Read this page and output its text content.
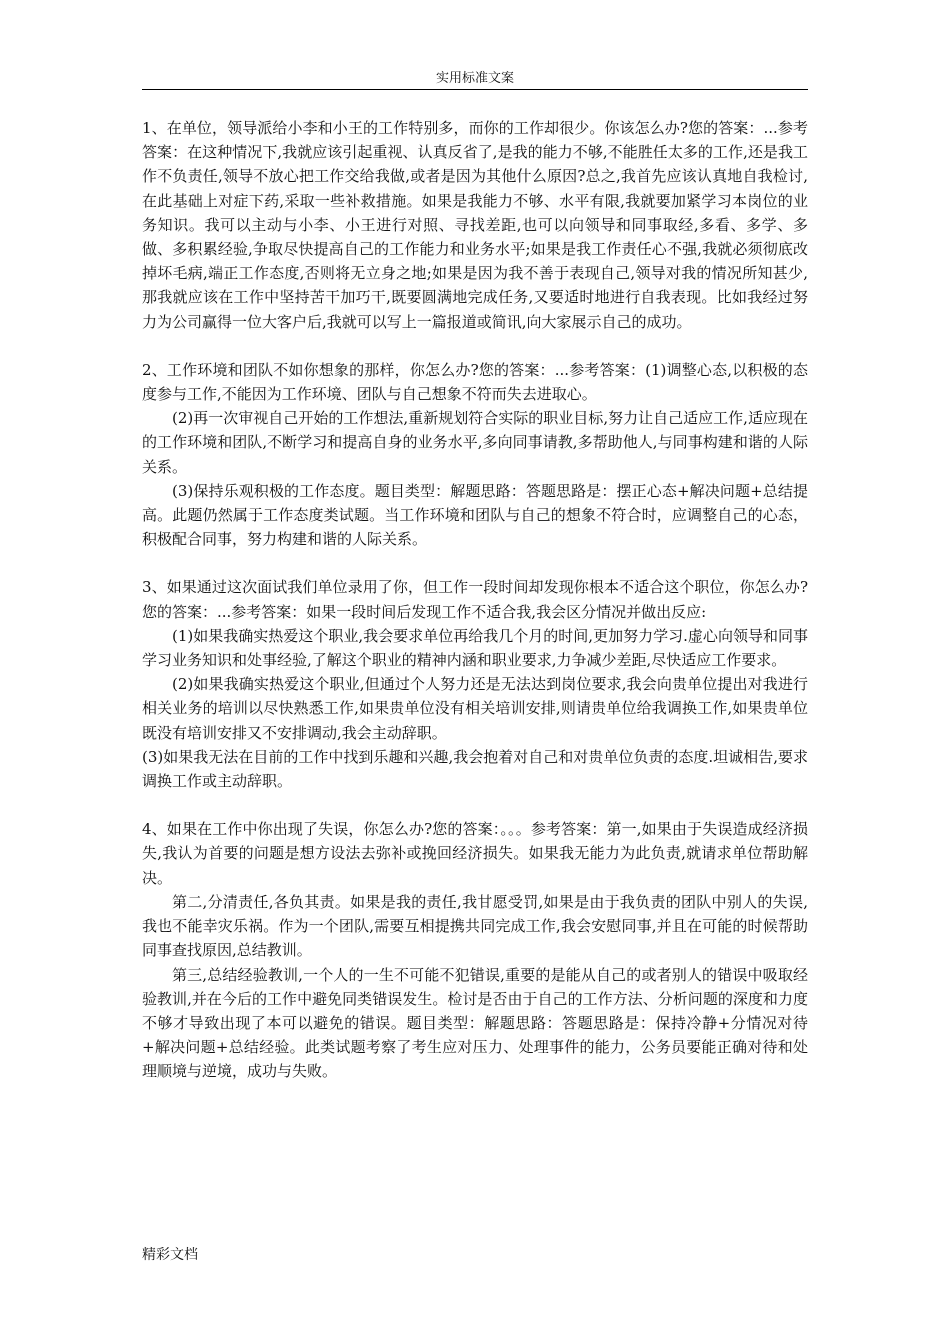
实用标准文案

1、在单位，领导派给小李和小王的工作特别多，而你的工作却很少。你该怎么办?您的答案：...参考答案：在这种情况下,我就应该引起重视、认真反省了,是我的能力不够,不能胜任太多的工作,还是我工作不负责任,领导不放心把工作交给我做,或者是因为其他什么原因?总之,我首先应该认真地自我检讨,在此基础上对症下药,采取一些补救措施。如果是我能力不够、水平有限,我就要加紧学习本岗位的业务知识。我可以主动与小李、小王进行对照、寻找差距,也可以向领导和同事取经,多看、多学、多做、多积累经验,争取尽快提高自己的工作能力和业务水平;如果是我工作责任心不强,我就必须彻底改掉坏毛病,端正工作态度,否则将无立身之地;如果是因为我不善于表现自己,领导对我的情况所知甚少,那我就应该在工作中坚持苦干加巧干,既要圆满地完成任务,又要适时地进行自我表现。比如我经过努力为公司赢得一位大客户后,我就可以写上一篇报道或简讯,向大家展示自己的成功。

2、工作环境和团队不如你想象的那样，你怎么办?您的答案：...参考答案：(1)调整心态,以积极的态度参与工作,不能因为工作环境、团队与自己想象不符而失去进取心。

(2)再一次审视自己开始的工作想法,重新规划符合实际的职业目标,努力让自己适应工作,适应现在的工作环境和团队,不断学习和提高自身的业务水平,多向同事请教,多帮助他人,与同事构建和谐的人际关系。

(3)保持乐观积极的工作态度。题目类型：解题思路：答题思路是：摆正心态+解决问题+总结提高。此题仍然属于工作态度类试题。当工作环境和团队与自己的想象不符合时，应调整自己的心态，积极配合同事，努力构建和谐的人际关系。

3、如果通过这次面试我们单位录用了你，但工作一段时间却发现你根本不适合这个职位，你怎么办?您的答案：...参考答案：如果一段时间后发现工作不适合我,我会区分情况并做出反应:

(1)如果我确实热爱这个职业,我会要求单位再给我几个月的时间,更加努力学习.虚心向领导和同事学习业务知识和处事经验,了解这个职业的精神内涵和职业要求,力争减少差距,尽快适应工作要求。

(2)如果我确实热爱这个职业,但通过个人努力还是无法达到岗位要求,我会向贵单位提出对我进行相关业务的培训以尽快熟悉工作,如果贵单位没有相关培训安排,则请贵单位给我调换工作,如果贵单位既没有培训安排又不安排调动,我会主动辞职。

(3)如果我无法在目前的工作中找到乐趣和兴趣,我会抱着对自己和对贵单位负责的态度.坦诚相告,要求调换工作或主动辞职。

4、如果在工作中你出现了失误，你怎么办?您的答案：。。。参考答案：第一,如果由于失误造成经济损失,我认为首要的问题是想方设法去弥补或挽回经济损失。如果我无能力为此负责,就请求单位帮助解决。

第二,分清责任,各负其责。如果是我的责任,我甘愿受罚,如果是由于我负责的团队中别人的失误,我也不能幸灾乐祸。作为一个团队,需要互相提携共同完成工作,我会安慰同事,并且在可能的时候帮助同事查找原因,总结教训。

第三,总结经验教训,一个人的一生不可能不犯错误,重要的是能从自己的或者别人的错误中吸取经验教训,并在今后的工作中避免同类错误发生。检讨是否由于自己的工作方法、分析问题的深度和力度不够才导致出现了本可以避免的错误。题目类型：解题思路：答题思路是：保持冷静+分情况对待+解决问题+总结经验。此类试题考察了考生应对压力、处理事件的能力，公务员要能正确对待和处理顺境与逆境，成功与失败。

精彩文档
